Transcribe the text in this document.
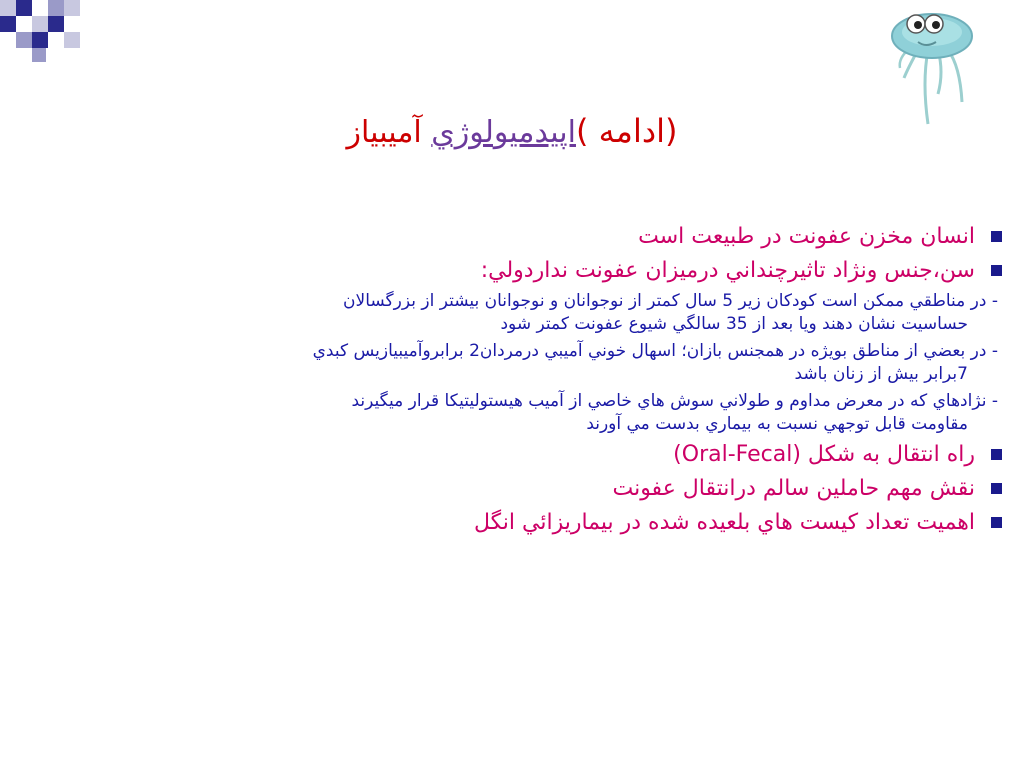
(ادامه )اپيدميولوژي آميبياز
انسان مخزن عفونت در طبيعت است
سن،جنس ونژاد تاثيرچنداني درميزان عفونت ندارد‌ولي:
- در مناطقي ممكن است كودكان زير 5 سال كمتر از نوجوانان و نوجوانان بيشتر از بزرگسالان
حساسيت نشان دهند ويا بعد از 35 سالگي شيوع عفونت كمتر شود
- در بعضي از مناطق بويژه در همجنس بازان؛ اسهال خوني آميبي درمردان2 برابروآميبيازيس كبدي
7برابر بيش از زنان باشد
- نژادهاي كه در معرض مداوم و طولاني سوش هاي خاصي از آميب هيستوليتيكا قرار ميگيرند
مقاومت قابل توجهي نسبت به بيماري بدست مي آورند
راه انتقال به شكل (Oral-Fecal)
نقش مهم حاملين سالم درانتقال عفونت
اهميت تعداد كيست هاي بلعيده شده در بيماريزائي انگل
